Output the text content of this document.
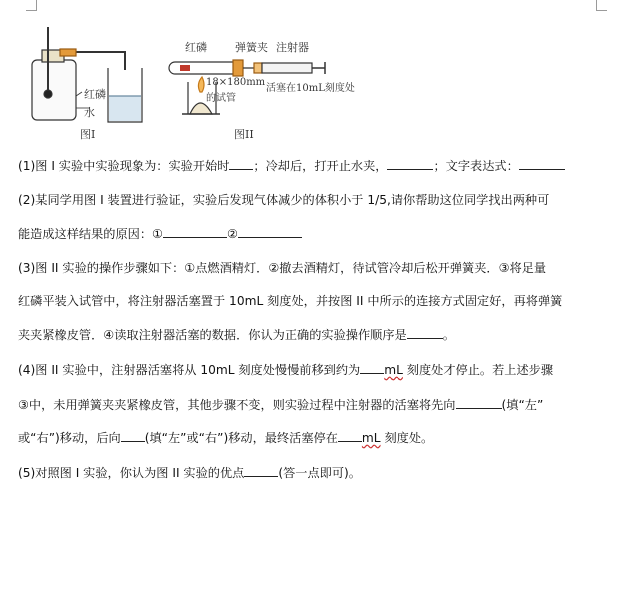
红磷
水
图I
红磷	弹簧夹 注射器
18×180mm
的试管
活塞在10mL刻度处
图II
(1)图 I 实验中实验现象为：实验开始时 ；冷却后，打开止水夹，	；文字表达式：
(2)某同学用图 I 装置进行验证，实验后发现气体减少的体积小于 1/5,请你帮助这位同学找出两种可
能造成这样结果的原因：①	②
(3)图 II 实验的操作步骤如下：①点燃酒精灯．②撤去酒精灯，待试管冷却后松开弹簧夹．③将足量
红磷平装入试管中，将注射器活塞置于 10mL 刻度处，并按图 II 中所示的连接方式固定好，再将弹簧
夹夹紧橡皮管．④读取注射器活塞的数据．你认为正确的实验操作顺序是	。
(4)图 II 实验中，注射器活塞将从 10mL 刻度处慢慢前移到约为 mL 刻度处才停止。若上述步骤
③中，未用弹簧夹夹紧橡皮管，其他步骤不变，则实验过程中注射器的活塞将先向	(填“左”
或“右”)移动，后向 (填“左”或“右”)移动，最终活塞停在 mL 刻度处。
(5)对照图 I 实验，你认为图 II 实验的优点	(答一点即可)。
